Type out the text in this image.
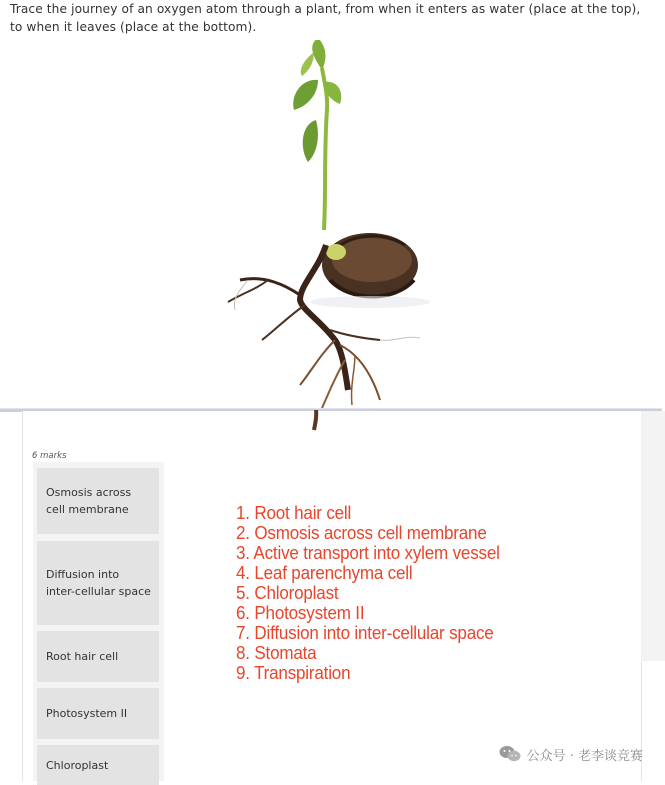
Trace the journey of an oxygen atom through a plant, from when it enters as water (place at the top),
to when it leaves (place at the bottom).
6 marks
Osmosis across cell membrane
Diffusion into inter-cellular space
Root hair cell
Photosystem II
Chloroplast
1. Root hair cell
2. Osmosis across cell membrane
3. Active transport into xylem vessel
4. Leaf parenchyma cell
5. Chloroplast
6. Photosystem II
7. Diffusion into inter-cellular space
8. Stomata
9. Transpiration
公众号 · 老李谈竞赛
